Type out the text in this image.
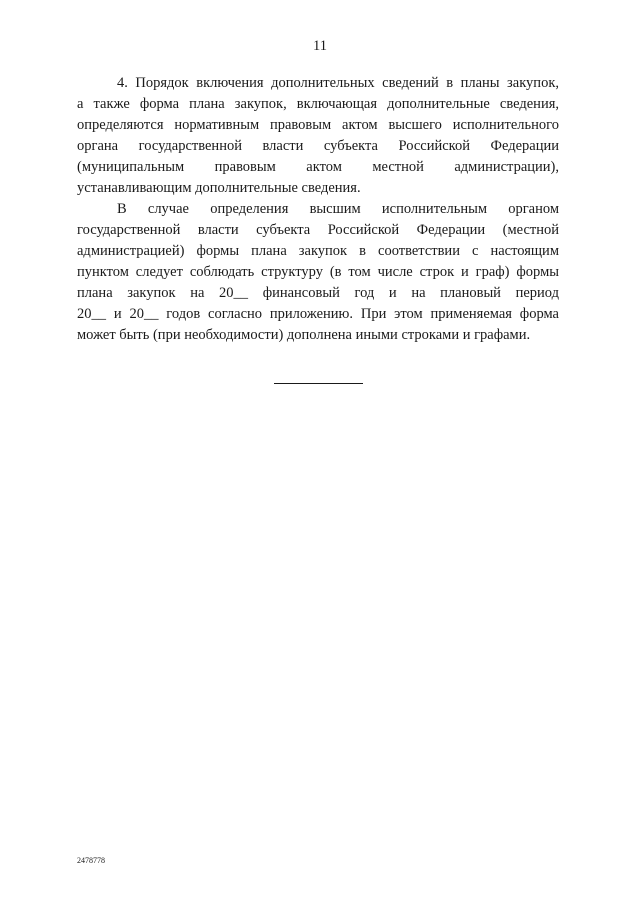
11
4. Порядок включения дополнительных сведений в планы закупок,
а также форма плана закупок, включающая дополнительные сведения,
определяются нормативным правовым актом высшего исполнительного
органа государственной власти субъекта Российской Федерации
(муниципальным правовым актом местной администрации),
устанавливающим дополнительные сведения.
В случае определения высшим исполнительным органом
государственной власти субъекта Российской Федерации (местной
администрацией) формы плана закупок в соответствии с настоящим
пунктом следует соблюдать структуру (в том числе строк и граф) формы
плана закупок на 20__ финансовый год и на плановый период
20__ и 20__ годов согласно приложению. При этом применяемая форма
может быть (при необходимости) дополнена иными строками и графами.
2478778
